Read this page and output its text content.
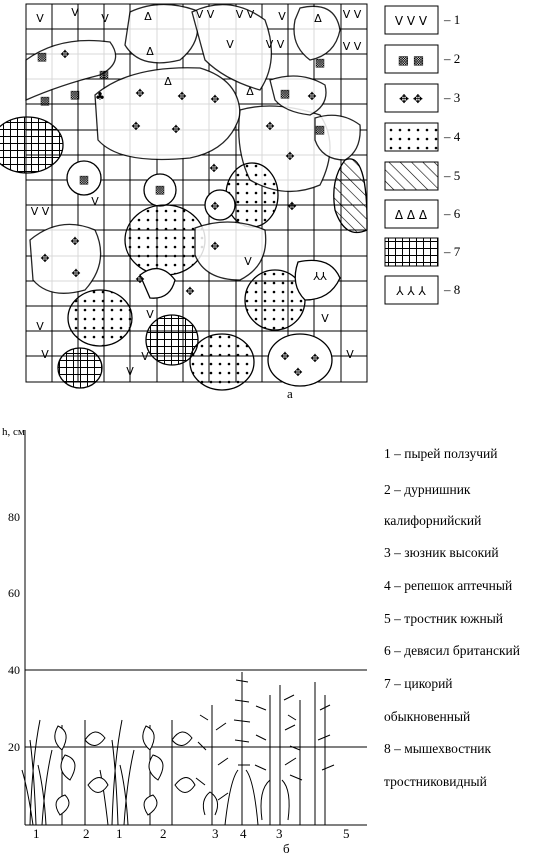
V V V	Δ	V V V V V	Δ V V
Δ
V	V V	V V
Δ
Δ
♣	✥	✥ ✥
✥	✥
✥
✥
✥
▩ ▩
▩
▩ ✥
▩
▩
▩
▩
▩
✥
✥	✥
V V
V
✥
✥
✥	✥
✥
V
✥
V
V
V	V
V
⅄⅄
✥ ✥
✥
V
V
V V V
▩ ▩
✥ ✥
Δ Δ Δ
⅄ ⅄ ⅄
– 1
– 2
– 3
– 4
– 5
– 6
– 7
– 8
а
h, см
80
60
40
20
1	2 1	2	3 4 3	5
б
1 – пырей ползучий
2 – дурнишник
калифорнийский
3 – зюзник высокий
4 – репешок аптечный
5 – тростник южный
6 – девясил британский
7 – цикорий
обыкновенный
8 – мышехвостник
тростниковидный
